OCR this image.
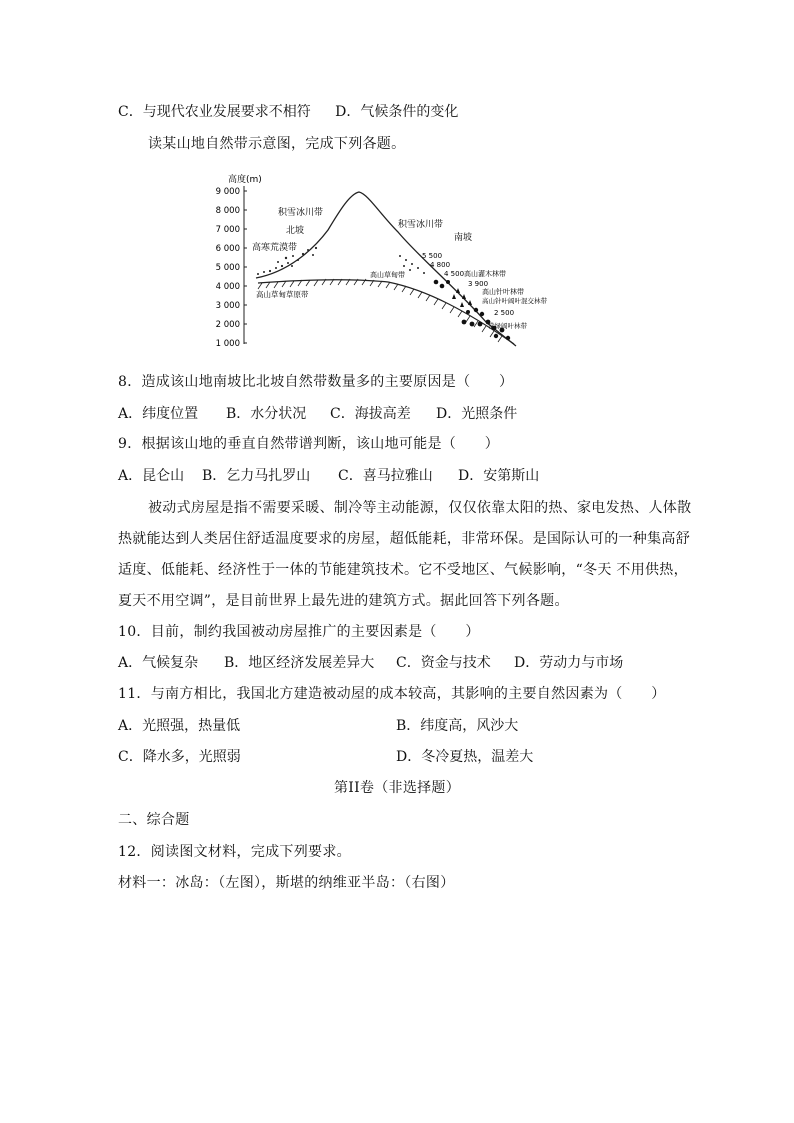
C．与现代农业发展要求不相符 D．气候条件的变化
读某山地自然带示意图，完成下列各题。
高度(m)
9 000
8 000
7 000
6 000
5 000
4 000
3 000
2 000
1 000
积雪冰川带
北坡
高寒荒漠带
高山草甸草原带
积雪冰川带
南坡
高山草甸带	高山灌木林带
高山针叶林带
高山针叶阔叶混交林带
常绿阔叶林带
5 500
4 800
4 500
3 900
2 500
8．造成该山地南坡比北坡自然带数量多的主要原因是（　　）
A．纬度位置 B．水分状况 C．海拔高差 D．光照条件
9．根据该山地的垂直自然带谱判断，该山地可能是（　　）
A．昆仑山 B．乞力马扎罗山 C．喜马拉雅山 D．安第斯山
被动式房屋是指不需要采暖、制冷等主动能源，仅仅依靠太阳的热、家电发热、人体散
热就能达到人类居住舒适温度要求的房屋，超低能耗，非常环保。是国际认可的一种集高舒
适度、低能耗、经济性于一体的节能建筑技术。它不受地区、气候影响，“冬天 不用供热，
夏天不用空调”，是目前世界上最先进的建筑方式。据此回答下列各题。
10．目前，制约我国被动房屋推广的主要因素是（　　）
A．气候复杂 B．地区经济发展差异大 C．资金与技术 D．劳动力与市场
11．与南方相比，我国北方建造被动屋的成本较高，其影响的主要自然因素为（　　）
A．光照强，热量低	B．纬度高，风沙大
C．降水多，光照弱	D．冬冷夏热，温差大
第II卷（非选择题）
二、综合题
12．阅读图文材料，完成下列要求。
材料一：冰岛：（左图），斯堪的纳维亚半岛：（右图）
